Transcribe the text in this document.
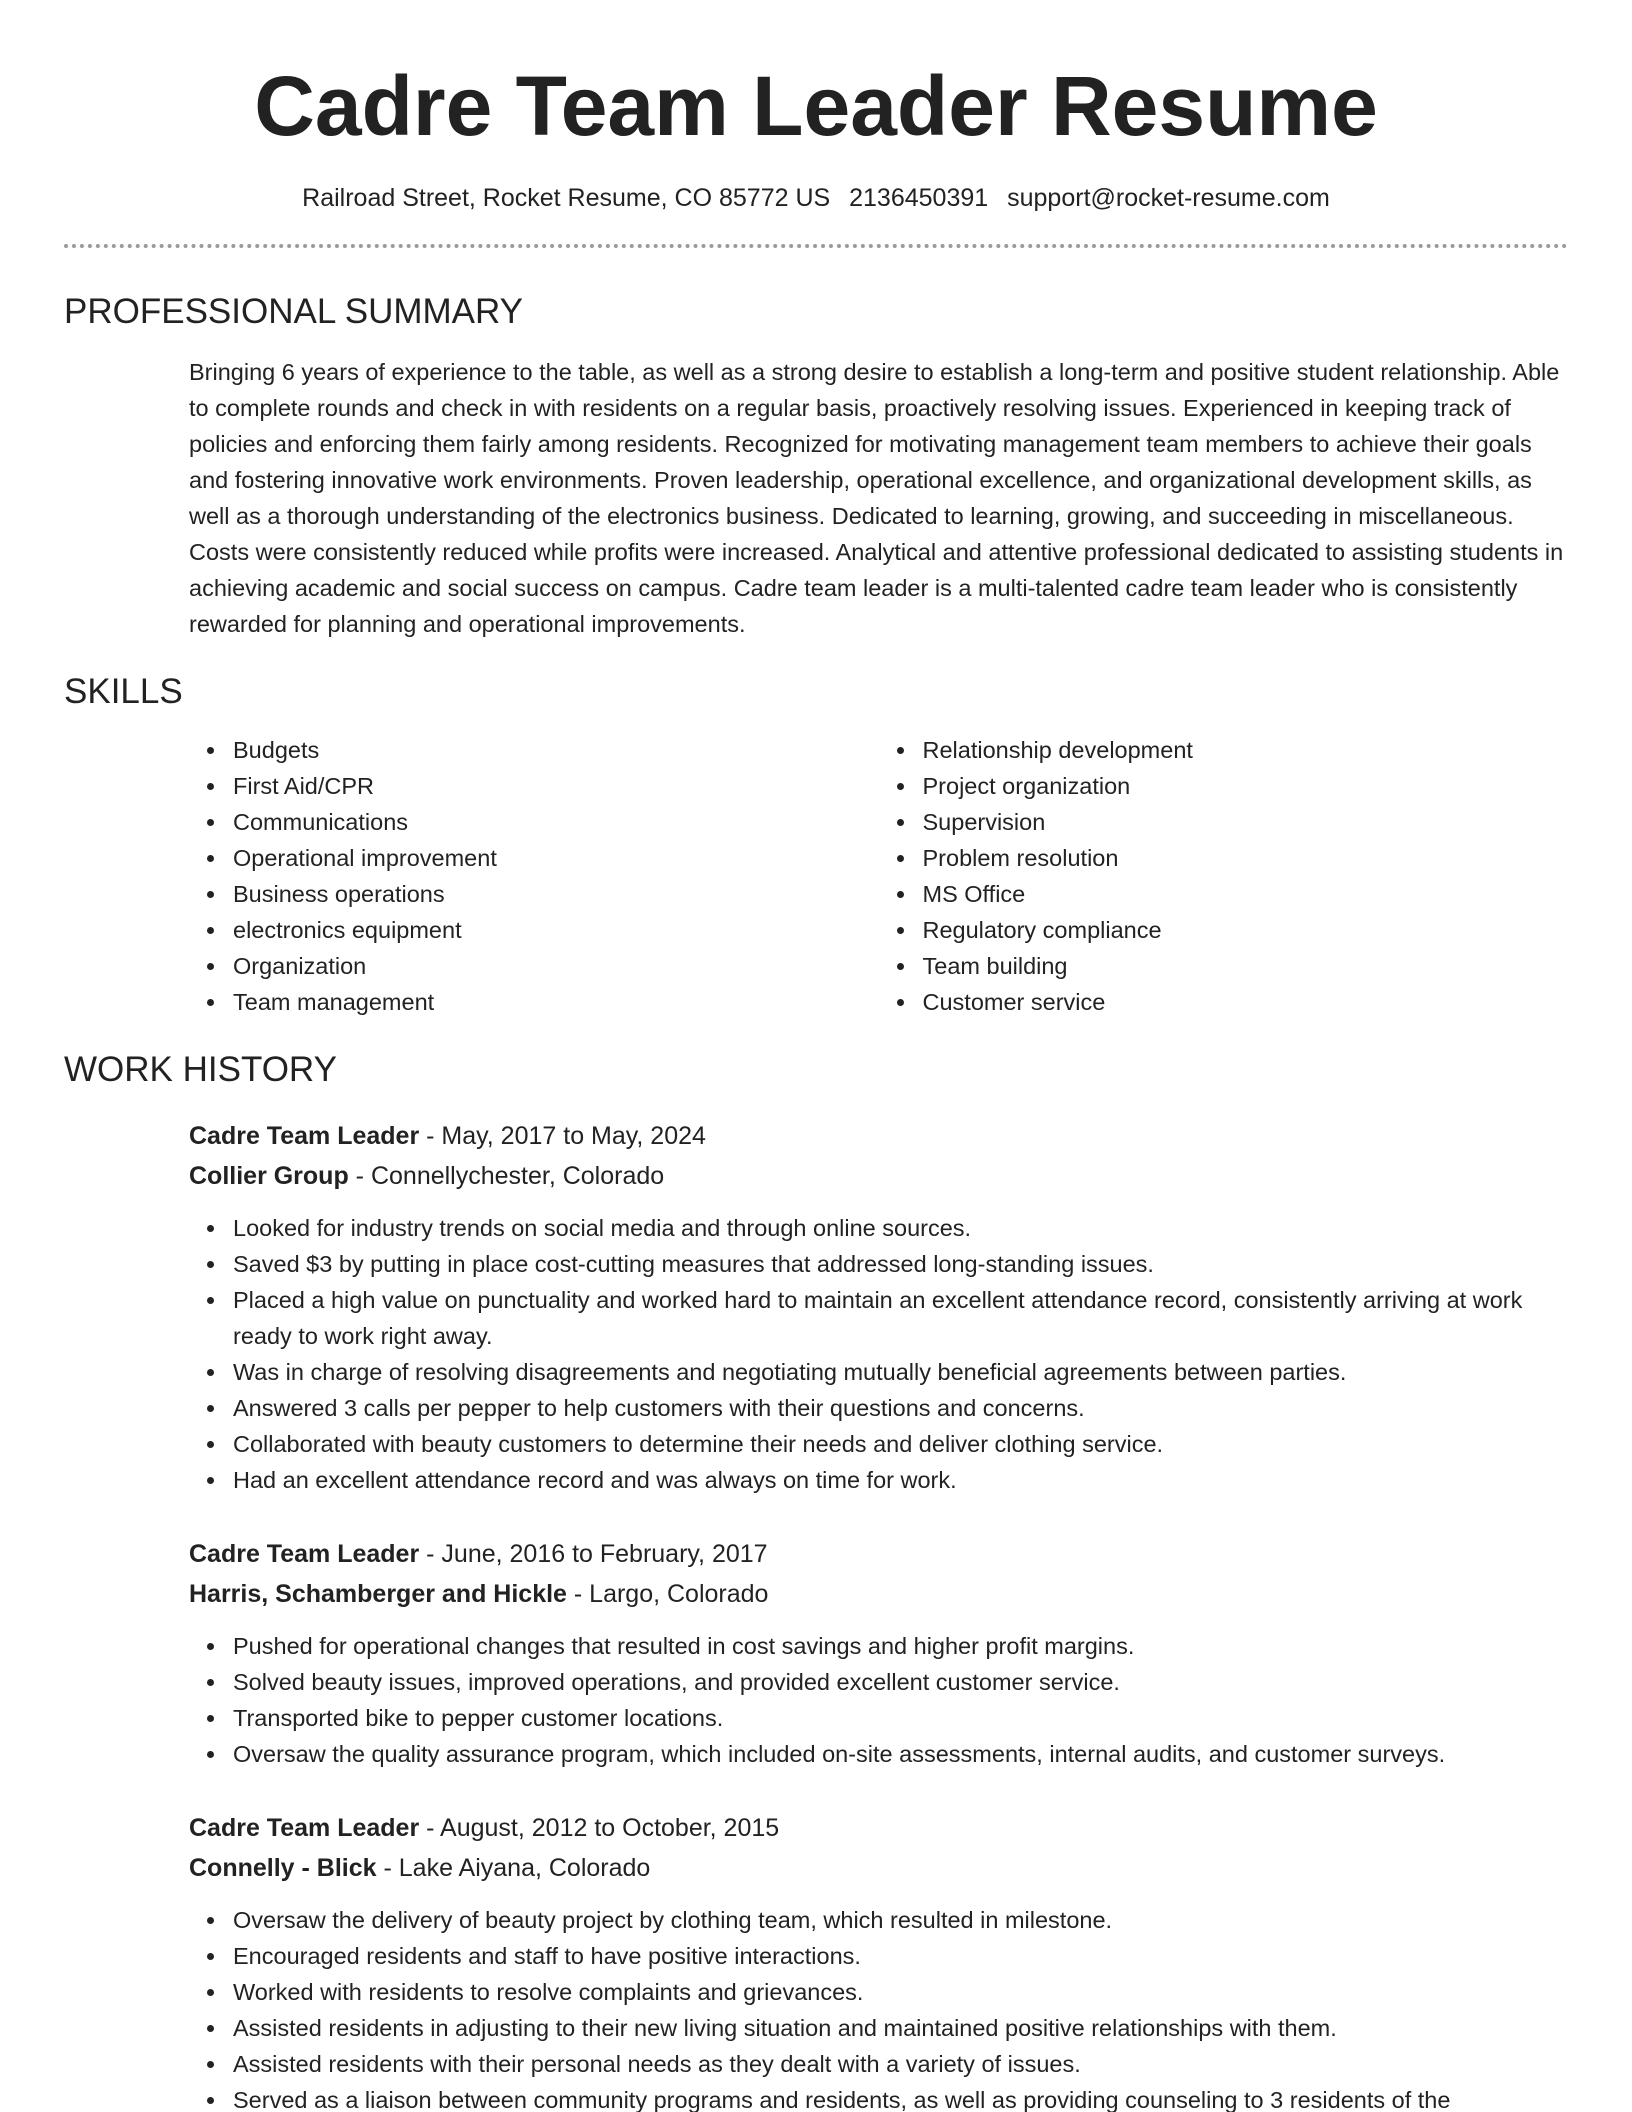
Cadre Team Leader Resume
Railroad Street, Rocket Resume, CO 85772 US 2136450391 support@rocket-resume.com
PROFESSIONAL SUMMARY

Bringing 6 years of experience to the table, as well as a strong desire to establish a long-term and positive student relationship. Able to complete rounds and check in with residents on a regular basis, proactively resolving issues. Experienced in keeping track of policies and enforcing them fairly among residents. Recognized for motivating management team members to achieve their goals and fostering innovative work environments. Proven leadership, operational excellence, and organizational development skills, as well as a thorough understanding of the electronics business. Dedicated to learning, growing, and succeeding in miscellaneous. Costs were consistently reduced while profits were increased. Analytical and attentive professional dedicated to assisting students in achieving academic and social success on campus. Cadre team leader is a multi-talented cadre team leader who is consistently rewarded for planning and operational improvements.

SKILLS
Budgets
First Aid/CPR
Communications
Operational improvement
Business operations
electronics equipment
Organization
Team management
Relationship development
Project organization
Supervision
Problem resolution
MS Office
Regulatory compliance
Team building
Customer service
WORK HISTORY
Cadre Team Leader - May, 2017 to May, 2024
Collier Group - Connellychester, Colorado
Looked for industry trends on social media and through online sources.
Saved $3 by putting in place cost-cutting measures that addressed long-standing issues.
Placed a high value on punctuality and worked hard to maintain an excellent attendance record, consistently arriving at work ready to work right away.
Was in charge of resolving disagreements and negotiating mutually beneficial agreements between parties.
Answered 3 calls per pepper to help customers with their questions and concerns.
Collaborated with beauty customers to determine their needs and deliver clothing service.
Had an excellent attendance record and was always on time for work.
Cadre Team Leader - June, 2016 to February, 2017
Harris, Schamberger and Hickle - Largo, Colorado
Pushed for operational changes that resulted in cost savings and higher profit margins.
Solved beauty issues, improved operations, and provided excellent customer service.
Transported bike to pepper customer locations.
Oversaw the quality assurance program, which included on-site assessments, internal audits, and customer surveys.
Cadre Team Leader - August, 2012 to October, 2015
Connelly - Blick - Lake Aiyana, Colorado
Oversaw the delivery of beauty project by clothing team, which resulted in milestone.
Encouraged residents and staff to have positive interactions.
Worked with residents to resolve complaints and grievances.
Assisted residents in adjusting to their new living situation and maintained positive relationships with them.
Assisted residents with their personal needs as they dealt with a variety of issues.
Served as a liaison between community programs and residents, as well as providing counseling to 3 residents of the
